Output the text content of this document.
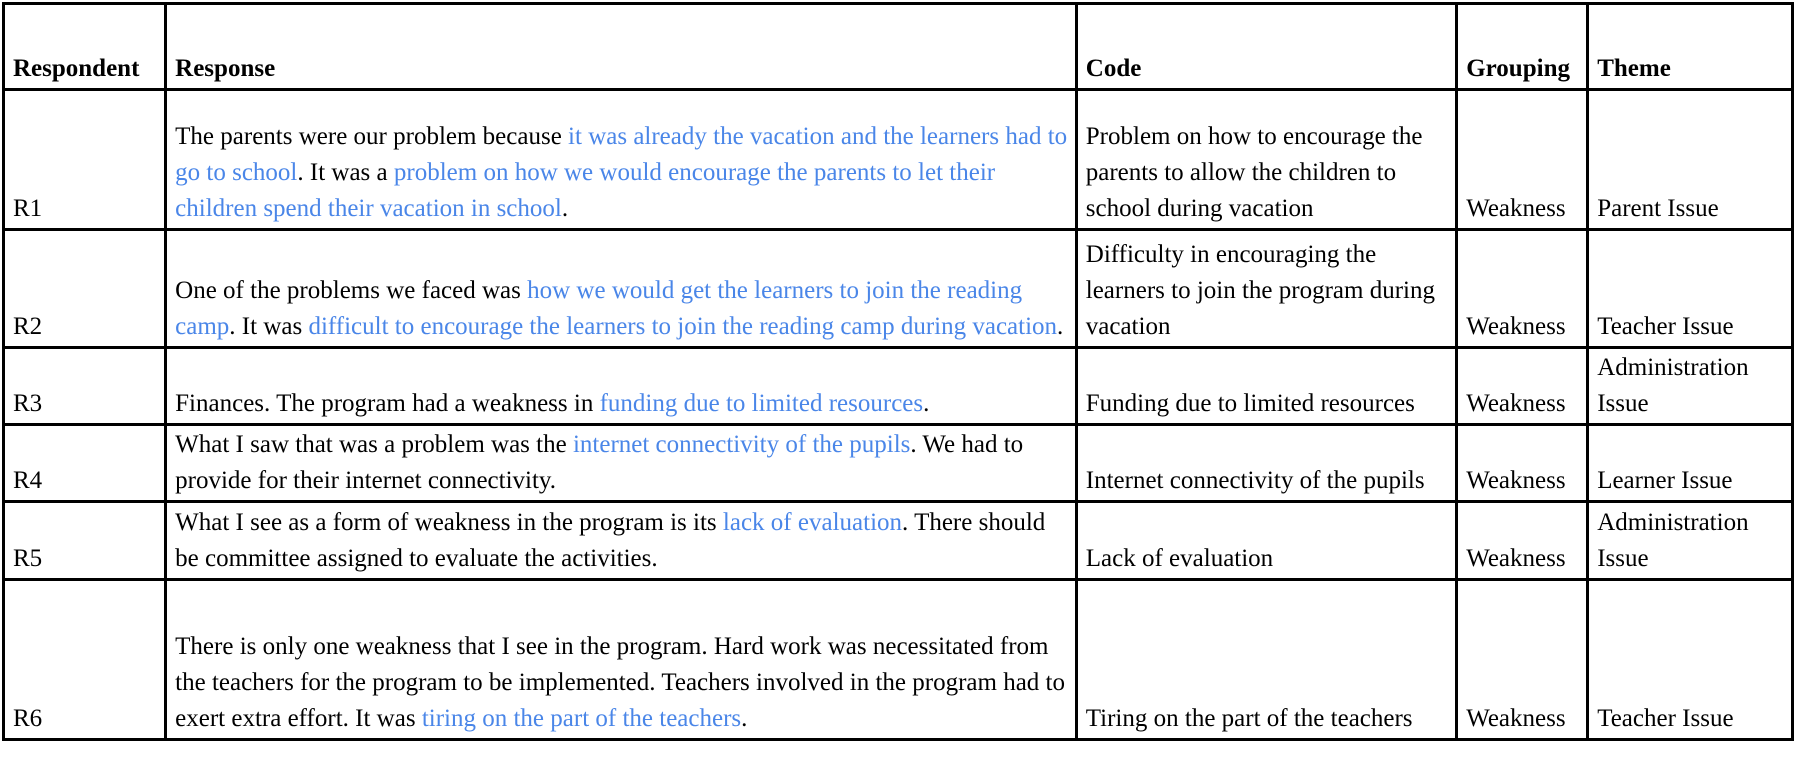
Respondent	Response	Code	Grouping	Theme
R1	The parents were our problem because it was already the vacation and the learners had to go to school. It was a problem on how we would encourage the parents to let their children spend their vacation in school.	Problem on how to encourage the parents to allow the children to school during vacation	Weakness	Parent Issue
R2	One of the problems we faced was how we would get the learners to join the reading camp. It was difficult to encourage the learners to join the reading camp during vacation.	Difficulty in encouraging the learners to join the program during vacation	Weakness	Teacher Issue
R3	Finances. The program had a weakness in funding due to limited resources.	Funding due to limited resources	Weakness	Administration Issue
R4	What I saw that was a problem was the internet connectivity of the pupils. We had to provide for their internet connectivity.	Internet connectivity of the pupils	Weakness	Learner Issue
R5	What I see as a form of weakness in the program is its lack of evaluation. There should be committee assigned to evaluate the activities.	Lack of evaluation	Weakness	Administration Issue
R6	There is only one weakness that I see in the program. Hard work was necessitated from the teachers for the program to be implemented. Teachers involved in the program had to exert extra effort. It was tiring on the part of the teachers.	Tiring on the part of the teachers	Weakness	Teacher Issue
